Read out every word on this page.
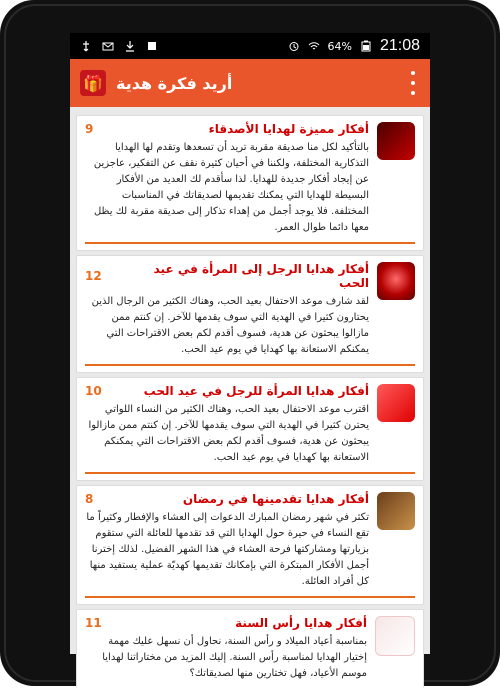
64% 21:08
🎁 أريد فكرة هدية
أفكار مميزة لهدايا الأصدقاء
9
بالتأكيد لكل منا صديقة مقربة تريد أن تسعدها وتقدم لها الهدايا التذكارية المختلفة، ولكننا في أحيان كثيرة نقف عن التفكير، عاجزين عن إيجاد أفكار جديدة للهدايا. لذا سأقدم لك العديد من الأفكار البسيطة للهدايا التي يمكنك تقديمها لصديقاتك في المناسبات المختلفة. فلا يوجد أجمل من إهداء تذكار إلى صديقة مقربة لك يظل معها دائما طوال العمر.
أفكار هدايا الرجل إلى المرأة في عيد الحب
12
لقد شارف موعد الاحتفال بعيد الحب، وهناك الكثير من الرجال الذين يحتارون كثيرا في الهدية التي سوف يقدمها للآخر. إن كنتم ممن مازالوا يبحثون عن هدية، فسوف أقدم لكم بعض الاقتراحات التي يمكنكم الاستعانة بها كهدايا في يوم عيد الحب.
أفكار هدايا المرأة للرجل في عيد الحب
10
اقترب موعد الاحتفال بعيد الحب، وهناك الكثير من النساء اللواتي يحترن كثيرا في الهدية التي سوف يقدمها للآخر. إن كنتم ممن مازالوا يبحثون عن هدية، فسوف أقدم لكم بعض الاقتراحات التي يمكنكم الاستعانة بها كهدايا في يوم عيد الحب.
أفكار هدايا تقدمينها في رمضان
8
تكثر في شهر رمضان المبارك الدعوات إلى العشاء والإفطار وكثيراً ما تقع النساء في حيرة حول الهدايا التي قد تقدمها للعائلة التي ستقوم بزيارتها ومشاركتها فرحة العشاء في هذا الشهر الفضيل. لذلك إخترنا أجمل الأفكار المبتكرة التي بإمكانك تقديمها كهديّة عملية يستفيد منها كل أفراد العائلة.
أفكار هدايا رأس السنة
11
بمناسبة أعياد الميلاد و رأس السنة، نحاول أن نسهل عليك مهمة إختيار الهدايا لمناسبة رأس السنة. إليك المزيد من مختاراتنا لهدايا موسم الأعياد، فهل تختارين منها لصديقاتك؟
